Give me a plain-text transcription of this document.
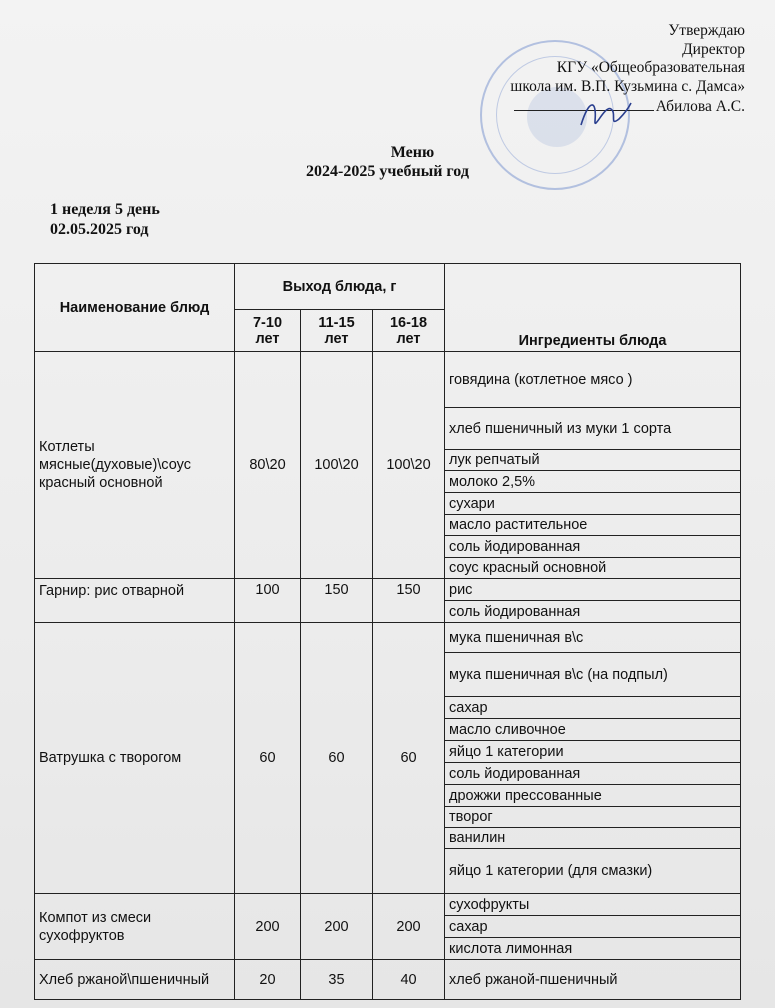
Утверждаю
Директор
КГУ «Общеобразовательная
школа им. В.П. Кузьмина с. Дамса»
Абилова А.С.
Меню
2024-2025 учебный год
1 неделя 5 день
02.05.2025 год
Наименование блюд	Выход блюда, г			Ингредиенты блюда
	7-10 лет	11-15 лет	16-18 лет	
Котлеты мясные(духовые)\соус красный основной	80\20	100\20	100\20	говядина (котлетное мясо )
				хлеб пшеничный из муки 1 сорта
				лук репчатый
				молоко 2,5%
				сухари
				масло растительное
				соль йодированная
				соус красный основной
Гарнир: рис отварной	100	150	150	рис
				соль йодированная
Ватрушка с творогом	60	60	60	мука пшеничная в\с
				мука пшеничная в\с (на подпыл)
				сахар
				масло сливочное
				яйцо 1 категории
				соль йодированная
				дрожжи прессованные
				творог
				ванилин
				яйцо 1 категории (для смазки)
Компот из смеси сухофруктов	200	200	200	сухофрукты
				сахар
				кислота лимонная
Хлеб ржаной\пшеничный	20	35	40	хлеб ржаной-пшеничный
